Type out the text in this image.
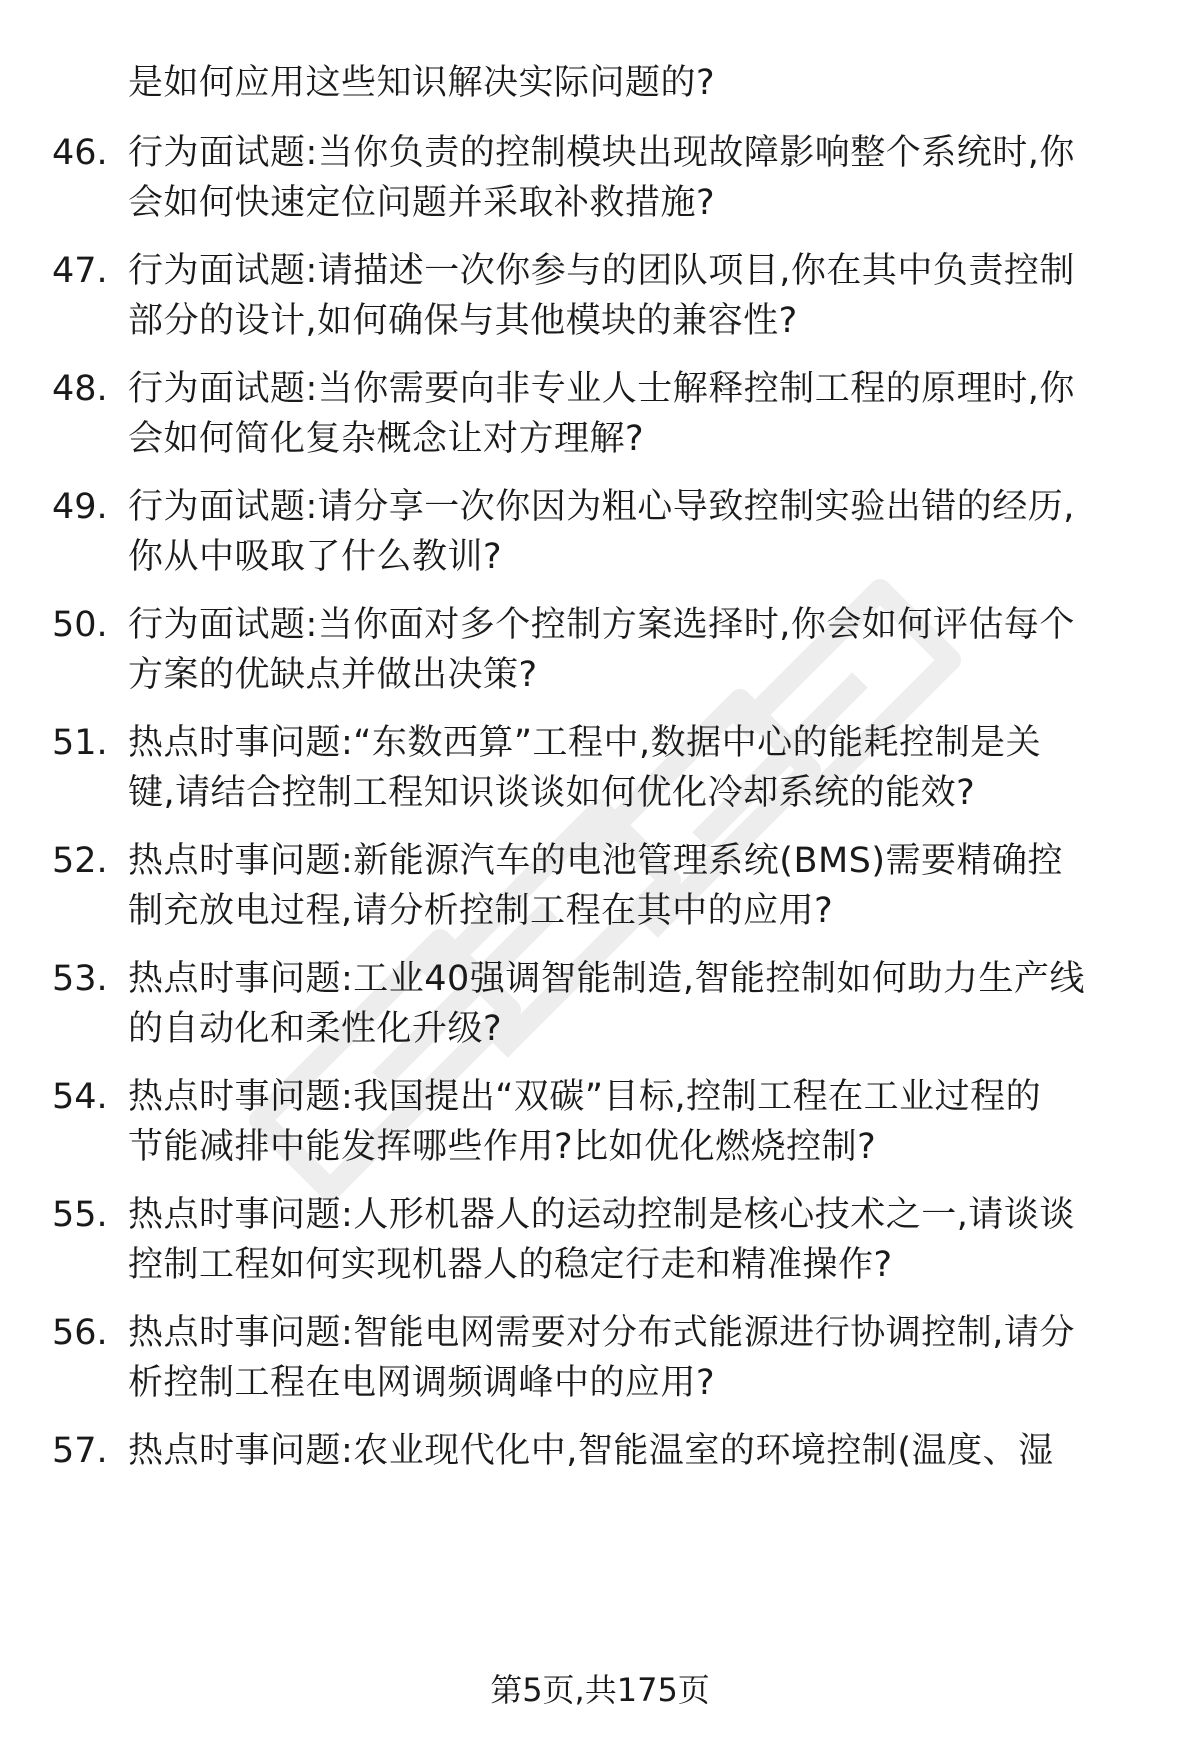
是如何应用这些知识解决实际问题的?
46. 行为面试题:当你负责的控制模块出现故障影响整个系统时,你
会如何快速定位问题并采取补救措施?
47. 行为面试题:请描述一次你参与的团队项目,你在其中负责控制
部分的设计,如何确保与其他模块的兼容性?
48. 行为面试题:当你需要向非专业人士解释控制工程的原理时,你
会如何简化复杂概念让对方理解?
49. 行为面试题:请分享一次你因为粗心导致控制实验出错的经历,
你从中吸取了什么教训?
50. 行为面试题:当你面对多个控制方案选择时,你会如何评估每个
方案的优缺点并做出决策?
51. 热点时事问题:“东数西算”工程中,数据中心的能耗控制是关
键,请结合控制工程知识谈谈如何优化冷却系统的能效?
52. 热点时事问题:新能源汽车的电池管理系统(BMS)需要精确控
制充放电过程,请分析控制工程在其中的应用?
53. 热点时事问题:工业40强调智能制造,智能控制如何助力生产线
的自动化和柔性化升级?
54. 热点时事问题:我国提出“双碳”目标,控制工程在工业过程的
节能减排中能发挥哪些作用?比如优化燃烧控制?
55. 热点时事问题:人形机器人的运动控制是核心技术之一,请谈谈
控制工程如何实现机器人的稳定行走和精准操作?
56. 热点时事问题:智能电网需要对分布式能源进行协调控制,请分
析控制工程在电网调频调峰中的应用?
57. 热点时事问题:农业现代化中,智能温室的环境控制(温度、湿
第5页,共175页
